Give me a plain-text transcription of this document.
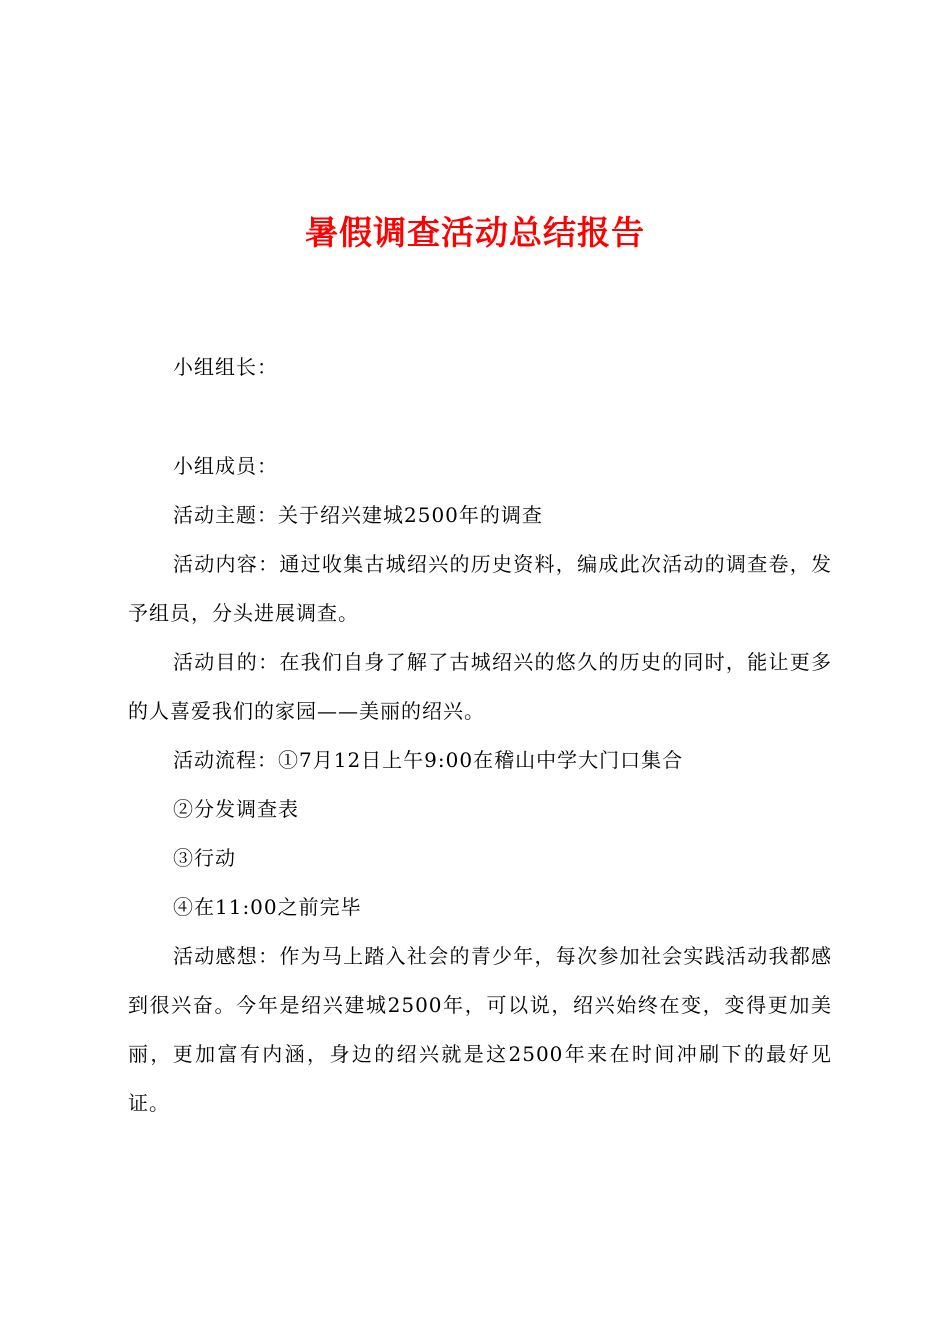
暑假调查活动总结报告

小组组长：

小组成员：

活动主题：关于绍兴建城2500年的调查

活动内容：通过收集古城绍兴的历史资料，编成此次活动的调查卷，发予组员，分头进展调查。

活动目的：在我们自身了解了古城绍兴的悠久的历史的同时，能让更多的人喜爱我们的家园——美丽的绍兴。

活动流程：①7月12日上午9:00在稽山中学大门口集合

②分发调查表

③行动

④在11:00之前完毕

活动感想：作为马上踏入社会的青少年，每次参加社会实践活动我都感到很兴奋。今年是绍兴建城2500年，可以说，绍兴始终在变，变得更加美丽，更加富有内涵，身边的绍兴就是这2500年来在时间冲刷下的最好见证。
